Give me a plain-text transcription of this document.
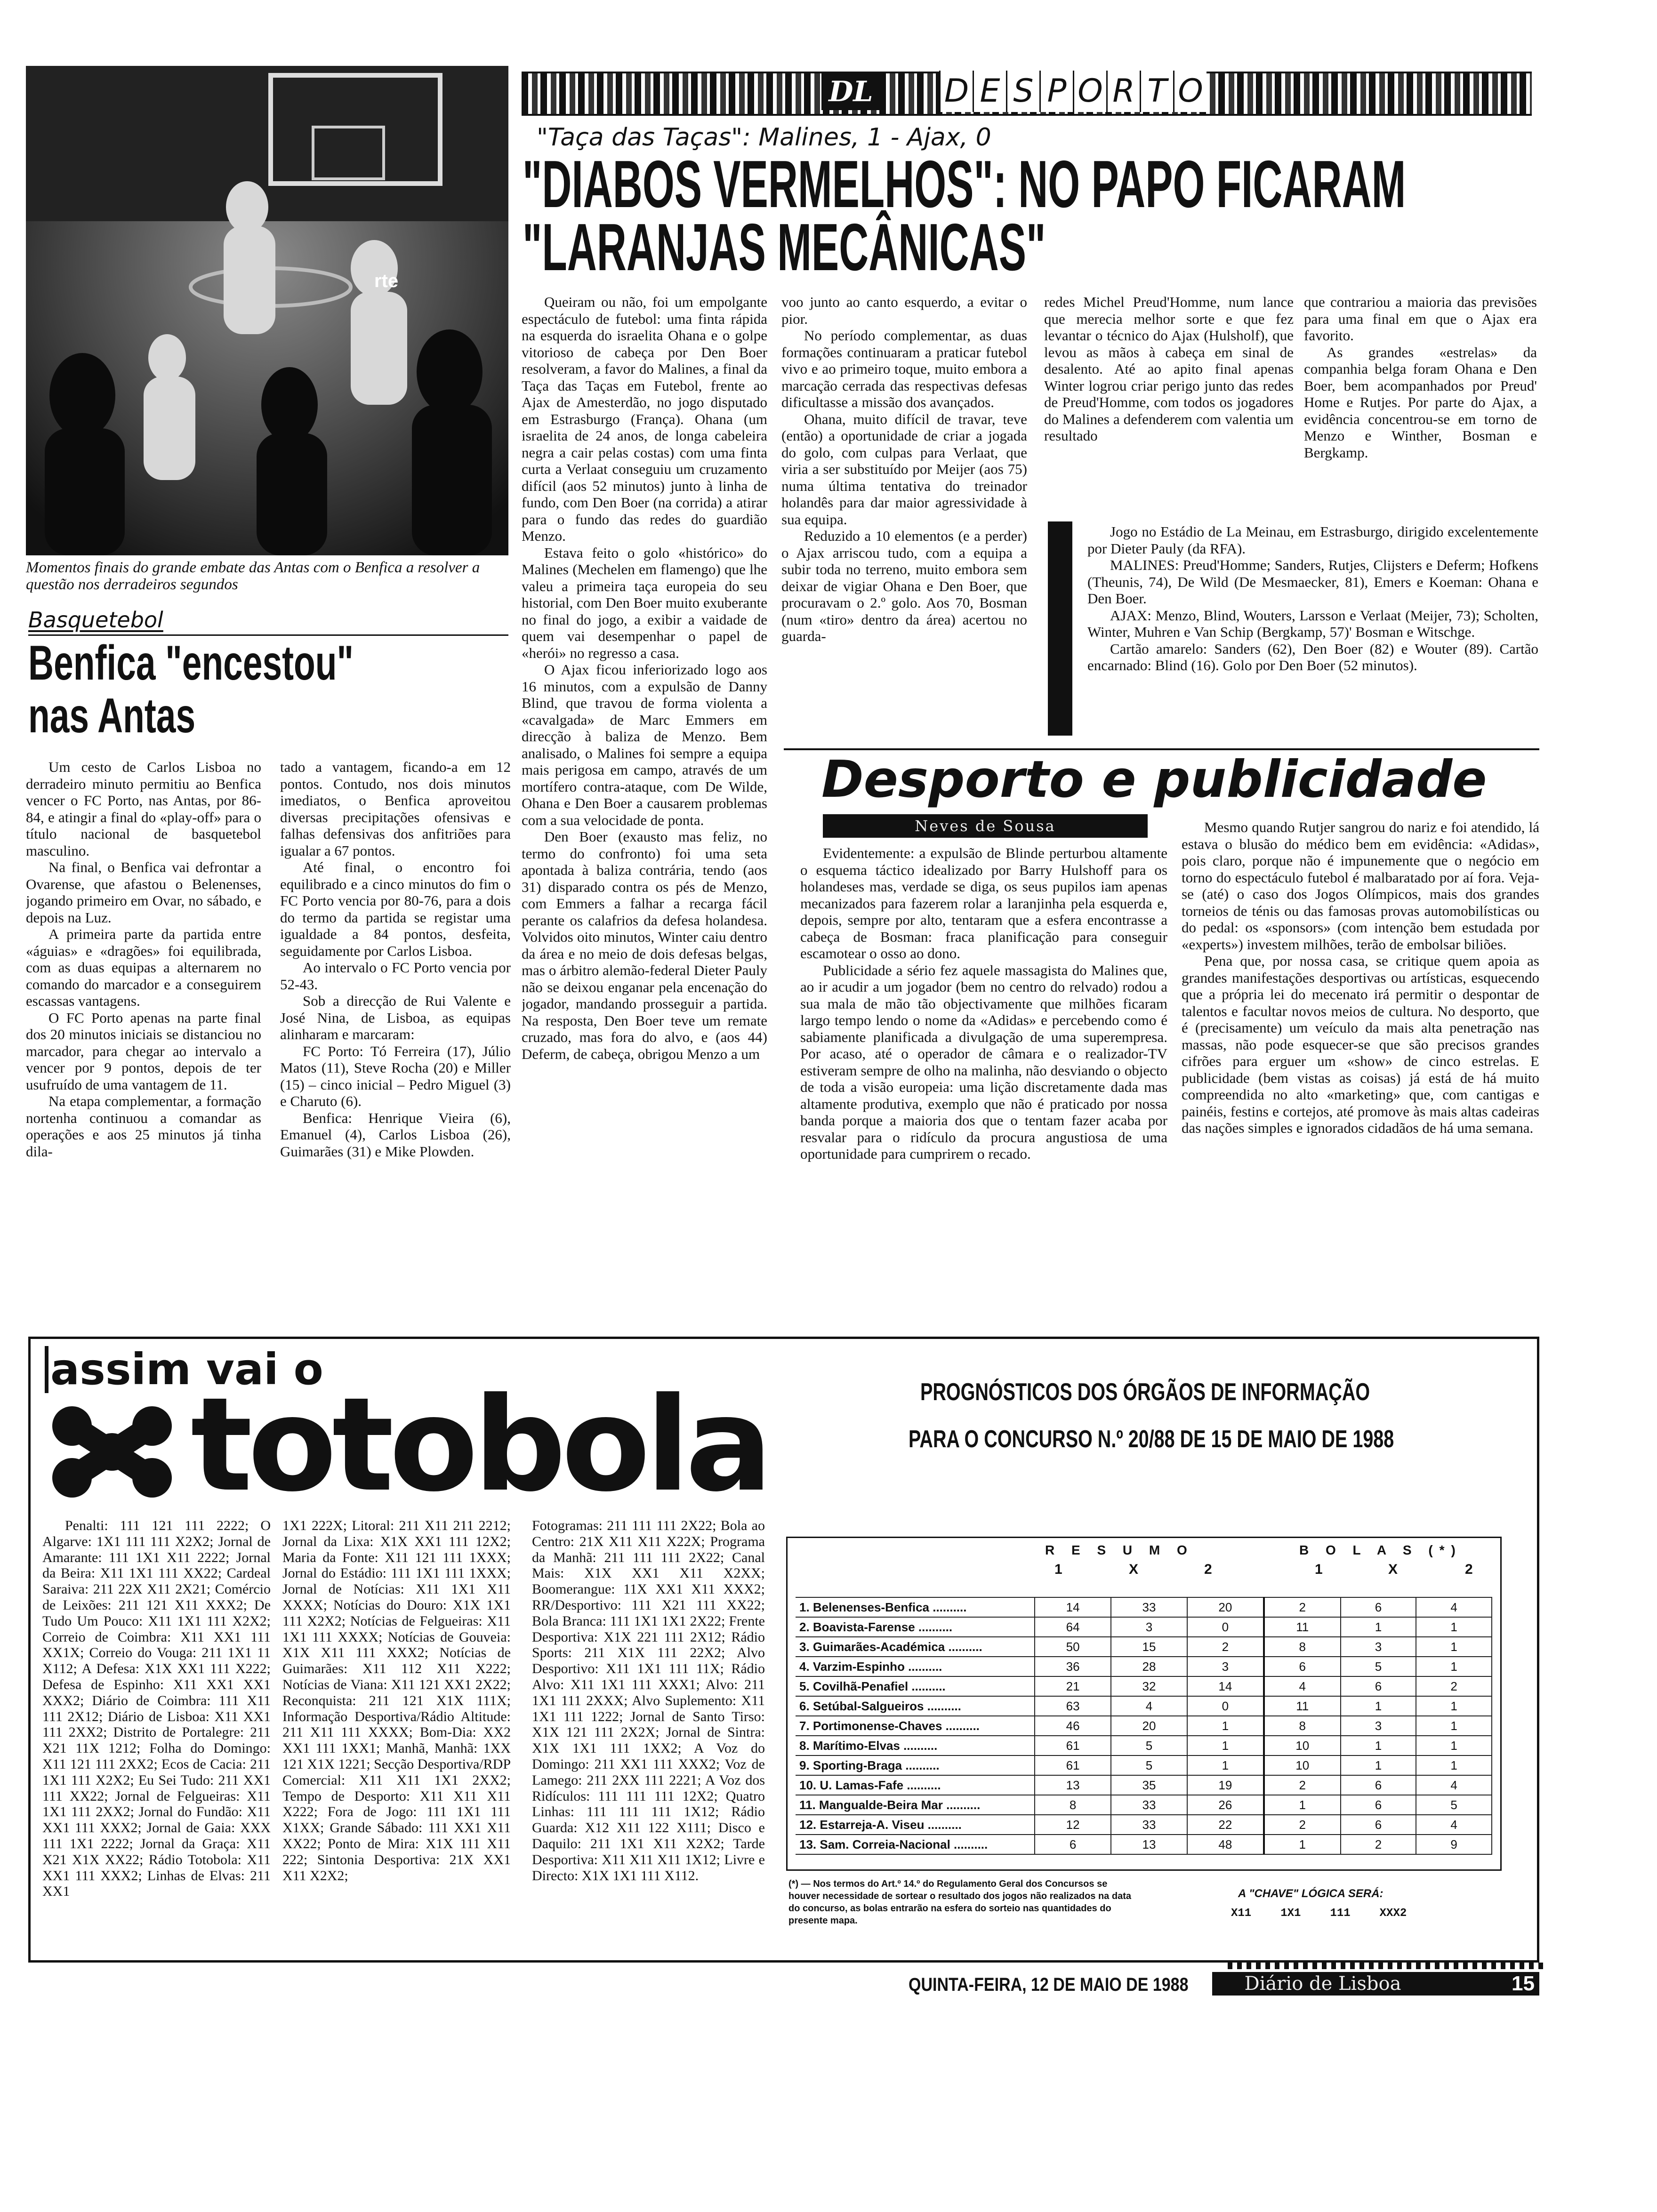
DL D E S P O R T O
rte
Momentos finais do grande embate das Antas com o Benfica a resolver a questão nos derradeiros segundos
Basquetebol
Benfica "encestou"
nas Antas

Um cesto de Carlos Lisboa no derradeiro minuto permitiu ao Benfica vencer o FC Porto, nas Antas, por 86-84, e atingir a final do «play-off» para o título nacional de basquetebol masculino.

Na final, o Benfica vai defrontar a Ovarense, que afastou o Belenenses, jogando primeiro em Ovar, no sábado, e depois na Luz.

A primeira parte da partida entre «águias» e «dragões» foi equilibrada, com as duas equipas a alternarem no comando do marcador e a conseguirem escassas vantagens.

O FC Porto apenas na parte final dos 20 minutos iniciais se distanciou no marcador, para chegar ao intervalo a vencer por 9 pontos, depois de ter usufruído de uma vantagem de 11.

Na etapa complementar, a formação nortenha continuou a comandar as operações e aos 25 minutos já tinha dila-

tado a vantagem, ficando-a em 12 pontos. Contudo, nos dois minutos imediatos, o Benfica aproveitou diversas precipitações ofensivas e falhas defensivas dos anfitriões para igualar a 67 pontos.

Até final, o encontro foi equilibrado e a cinco minutos do fim o FC Porto vencia por 80-76, para a dois do termo da partida se registar uma igualdade a 84 pontos, desfeita, seguidamente por Carlos Lisboa.

Ao intervalo o FC Porto vencia por 52-43.

Sob a direcção de Rui Valente e José Nina, de Lisboa, as equipas alinharam e marcaram:

FC Porto: Tó Ferreira (17), Júlio Matos (11), Steve Rocha (20) e Miller (15) – cinco inicial – Pedro Miguel (3) e Charuto (6).

Benfica: Henrique Vieira (6), Emanuel (4), Carlos Lisboa (26), Guimarães (31) e Mike Plowden.

"Taça das Taças": Malines, 1 - Ajax, 0
"DIABOS VERMELHOS": NO PAPO FICARAM
"LARANJAS MECÂNICAS"

Queiram ou não, foi um empolgante espectáculo de futebol: uma finta rápida na esquerda do israelita Ohana e o golpe vitorioso de cabeça por Den Boer resolveram, a favor do Malines, a final da Taça das Taças em Futebol, frente ao Ajax de Amesterdão, no jogo disputado em Estrasburgo (França). Ohana (um israelita de 24 anos, de longa cabeleira negra a cair pelas costas) com uma finta curta a Verlaat conseguiu um cruzamento difícil (aos 52 minutos) junto à linha de fundo, com Den Boer (na corrida) a atirar para o fundo das redes do guardião Menzo.

Estava feito o golo «histórico» do Malines (Mechelen em flamengo) que lhe valeu a primeira taça europeia do seu historial, com Den Boer muito exuberante no final do jogo, a exibir a vaidade de quem vai desempenhar o papel de «herói» no regresso a casa.

O Ajax ficou inferiorizado logo aos 16 minutos, com a expulsão de Danny Blind, que travou de forma violenta a «cavalgada» de Marc Emmers em direcção à baliza de Menzo. Bem analisado, o Malines foi sempre a equipa mais perigosa em campo, através de um mortífero contra-ataque, com De Wilde, Ohana e Den Boer a causarem problemas com a sua velocidade de ponta.

Den Boer (exausto mas feliz, no termo do confronto) foi uma seta apontada à baliza contrária, tendo (aos 31) disparado contra os pés de Menzo, com Emmers a falhar a recarga fácil perante os calafrios da defesa holandesa. Volvidos oito minutos, Winter caiu dentro da área e no meio de dois defesas belgas, mas o árbitro alemão-federal Dieter Pauly não se deixou enganar pela encenação do jogador, mandando prosseguir a partida. Na resposta, Den Boer teve um remate cruzado, mas fora do alvo, e (aos 44) Deferm, de cabeça, obrigou Menzo a um

voo junto ao canto esquerdo, a evitar o pior.

No período complementar, as duas formações continuaram a praticar futebol vivo e ao primeiro toque, muito embora a marcação cerrada das respectivas defesas dificultasse a missão dos avançados.

Ohana, muito difícil de travar, teve (então) a oportunidade de criar a jogada do golo, com culpas para Verlaat, que viria a ser substituído por Meijer (aos 75) numa última tentativa do treinador holandês para dar maior agressividade à sua equipa.

Reduzido a 10 elementos (e a perder) o Ajax arriscou tudo, com a equipa a subir toda no terreno, muito embora sem deixar de vigiar Ohana e Den Boer, que procuravam o 2.º golo. Aos 70, Bosman (num «tiro» dentro da área) acertou no guarda-

redes Michel Preud'Homme, num lance que merecia melhor sorte e que fez levantar o técnico do Ajax (Hulsholf), que levou as mãos à cabeça em sinal de desalento. Até ao apito final apenas Winter logrou criar perigo junto das redes de Preud'Homme, com todos os jogadores do Malines a defenderem com valentia um resultado

que contrariou a maioria das previsões para uma final em que o Ajax era favorito.

As grandes «estrelas» da companhia belga foram Ohana e Den Boer, bem acompanhados por Preud' Home e Rutjes. Por parte do Ajax, a evidência concentrou-se em torno de Menzo e Winther, Bosman e Bergkamp.

Jogo no Estádio de La Meinau, em Estrasburgo, dirigido excelentemente por Dieter Pauly (da RFA).

MALINES: Preud'Homme; Sanders, Rutjes, Clijsters e Deferm; Hofkens (Theunis, 74), De Wild (De Mesmaecker, 81), Emers e Koeman: Ohana e Den Boer.

AJAX: Menzo, Blind, Wouters, Larsson e Verlaat (Meijer, 73); Scholten, Winter, Muhren e Van Schip (Bergkamp, 57)' Bosman e Witschge.

Cartão amarelo: Sanders (62), Den Boer (82) e Wouter (89). Cartão encarnado: Blind (16). Golo por Den Boer (52 minutos).

Desporto e publicidade
Neves de Sousa

Evidentemente: a expulsão de Blinde perturbou altamente o esquema táctico idealizado por Barry Hulshoff para os holandeses mas, verdade se diga, os seus pupilos iam apenas mecanizados para fazerem rolar a laranjinha pela esquerda e, depois, sempre por alto, tentaram que a esfera encontrasse a cabeça de Bosman: fraca planificação para conseguir escamotear o osso ao dono.

Publicidade a sério fez aquele massagista do Malines que, ao ir acudir a um jogador (bem no centro do relvado) rodou a sua mala de mão tão objectivamente que milhões ficaram largo tempo lendo o nome da «Adidas» e percebendo como é sabiamente planificada a divulgação de uma superempresa. Por acaso, até o operador de câmara e o realizador-TV estiveram sempre de olho na malinha, não desviando o objecto de toda a visão europeia: uma lição discretamente dada mas altamente produtiva, exemplo que não é praticado por nossa banda porque a maioria dos que o tentam fazer acaba por resvalar para o ridículo da procura angustiosa de uma oportunidade para cumprirem o recado.

Mesmo quando Rutjer sangrou do nariz e foi atendido, lá estava o blusão do médico bem em evidência: «Adidas», pois claro, porque não é impunemente que o negócio em torno do espectáculo futebol é malbaratado por aí fora. Veja-se (até) o caso dos Jogos Olímpicos, mais dos grandes torneios de ténis ou das famosas provas automobilísticas ou do pedal: os «sponsors» (com intenção bem estudada por «experts») investem milhões, terão de embolsar biliões.

Pena que, por nossa casa, se critique quem apoia as grandes manifestações desportivas ou artísticas, esquecendo que a própria lei do mecenato irá permitir o despontar de talentos e facultar novos meios de cultura. No desporto, que é (precisamente) um veículo da mais alta penetração nas massas, não pode esquecer-se que são precisos grandes cifrões para erguer um «show» de cinco estrelas. E publicidade (bem vistas as coisas) já está de há muito compreendida no alto «marketing» que, com cantigas e painéis, festins e cortejos, até promove às mais altas cadeiras das nações simples e ignorados cidadãos de há uma semana.

assim vai o
totobola	PROGNÓSTICOS DOS ÓRGÃOS DE INFORMAÇÃO
PARA O CONCURSO N.º 20/88 DE 15 DE MAIO DE 1988

Penalti: 111 121 111 2222; O Algarve: 1X1 111 111 X2X2; Jornal de Amarante: 111 1X1 X11 2222; Jornal da Beira: X11 1X1 111 XX22; Cardeal Saraiva: 211 22X X11 2X21; Comércio de Leixões: 211 121 X11 XXX2; De Tudo Um Pouco: X11 1X1 111 X2X2; Correio de Coimbra: X11 XX1 111 XX1X; Correio do Vouga: 211 1X1 11 X112; A Defesa: X1X XX1 111 X222; Defesa de Espinho: X11 XX1 XX1 XXX2; Diário de Coimbra: 111 X11 111 2X12; Diário de Lisboa: X11 XX1 111 2XX2; Distrito de Portalegre: 211 X21 11X 1212; Folha do Domingo: X11 121 111 2XX2; Ecos de Cacia: 211 1X1 111 X2X2; Eu Sei Tudo: 211 XX1 111 XX22; Jornal de Felgueiras: X11 1X1 111 2XX2; Jornal do Fundão: X11 XX1 111 XXX2; Jornal de Gaia: XXX 111 1X1 2222; Jornal da Graça: X11 X21 X1X XX22; Rádio Totobola: X11 XX1 111 XXX2; Linhas de Elvas: 211 XX1

1X1 222X; Litoral: 211 X11 211 2212; Jornal da Lixa: X1X XX1 111 12X2; Maria da Fonte: X11 121 111 1XXX; Jornal do Estádio: 111 1X1 111 1XXX; Jornal de Notícias: X11 1X1 X11 XXXX; Notícias do Douro: X1X 1X1 111 X2X2; Notícias de Felgueiras: X11 1X1 111 XXXX; Notícias de Gouveia: X1X X11 111 XXX2; Notícias de Guimarães: X11 112 X11 X222; Notícias de Viana: X11 121 XX1 2X22; Reconquista: 211 121 X1X 111X; Informação Desportiva/Rádio Altitude: 211 X11 111 XXXX; Bom-Dia: XX2 XX1 111 1XX1; Manhã, Manhã: 1XX 121 X1X 1221; Secção Desportiva/RDP Comercial: X11 X11 1X1 2XX2; Tempo de Desporto: X11 X11 X11 X222; Fora de Jogo: 111 1X1 111 X1XX; Grande Sábado: 111 XX1 X11 XX22; Ponto de Mira: X1X 111 X11 222; Sintonia Desportiva: 21X XX1 X11 X2X2;

Fotogramas: 211 111 111 2X22; Bola ao Centro: 21X X11 X11 X22X; Programa da Manhã: 211 111 111 2X22; Canal Mais: X1X XX1 X11 X2XX; Boomerangue: 11X XX1 X11 XXX2; RR/Desportivo: 111 X21 111 XX22; Bola Branca: 111 1X1 1X1 2X22; Frente Desportiva: X1X 221 111 2X12; Rádio Sports: 211 X1X 111 22X2; Alvo Desportivo: X11 1X1 111 11X; Rádio Alvo: X11 1X1 111 XXX1; Alvo: 211 1X1 111 2XXX; Alvo Suplemento: X11 1X1 111 1222; Jornal de Santo Tirso: X1X 121 111 2X2X; Jornal de Sintra: X1X 1X1 111 1XX2; A Voz do Domingo: 211 XX1 111 XXX2; Voz de Lamego: 211 2XX 111 2221; A Voz dos Ridículos: 111 111 111 12X2; Quatro Linhas: 111 111 111 1X12; Rádio Guarda: X12 X11 122 X111; Disco e Daquilo: 211 1X1 X11 X2X2; Tarde Desportiva: X11 X11 X11 1X12; Livre e Directo: X1X 1X1 111 X112.

R E S U M O	B O L A S (*)
1	X	2	1	X	2
1. Belenenses-Benfica ..........	14	33	20	2	6	4
2. Boavista-Farense ..........	64	3	0	11	1	1
3. Guimarães-Académica ..........	50	15	2	8	3	1
4. Varzim-Espinho ..........	36	28	3	6	5	1
5. Covilhã-Penafiel ..........	21	32	14	4	6	2
6. Setúbal-Salgueiros ..........	63	4	0	11	1	1
7. Portimonense-Chaves ..........	46	20	1	8	3	1
8. Marítimo-Elvas ..........	61	5	1	10	1	1
9. Sporting-Braga ..........	61	5	1	10	1	1
10. U. Lamas-Fafe ..........	13	35	19	2	6	4
11. Mangualde-Beira Mar ..........	8	33	26	1	6	5
12. Estarreja-A. Viseu ..........	12	33	22	2	6	4
13. Sam. Correia-Nacional ..........	6	13	48	1	2	9
(*) — Nos termos do Art.º 14.º do Regulamento Geral dos Concursos se houver necessidade de sortear o resultado dos jogos não realizados na data do concurso, as bolas entrarão na esfera do sorteio nas quantidades do presente mapa.
A "CHAVE" LÓGICA SERÁ:
X11	1X1	111	XXX2
QUINTA-FEIRA, 12 DE MAIO DE 1988	Diário de Lisboa	15
